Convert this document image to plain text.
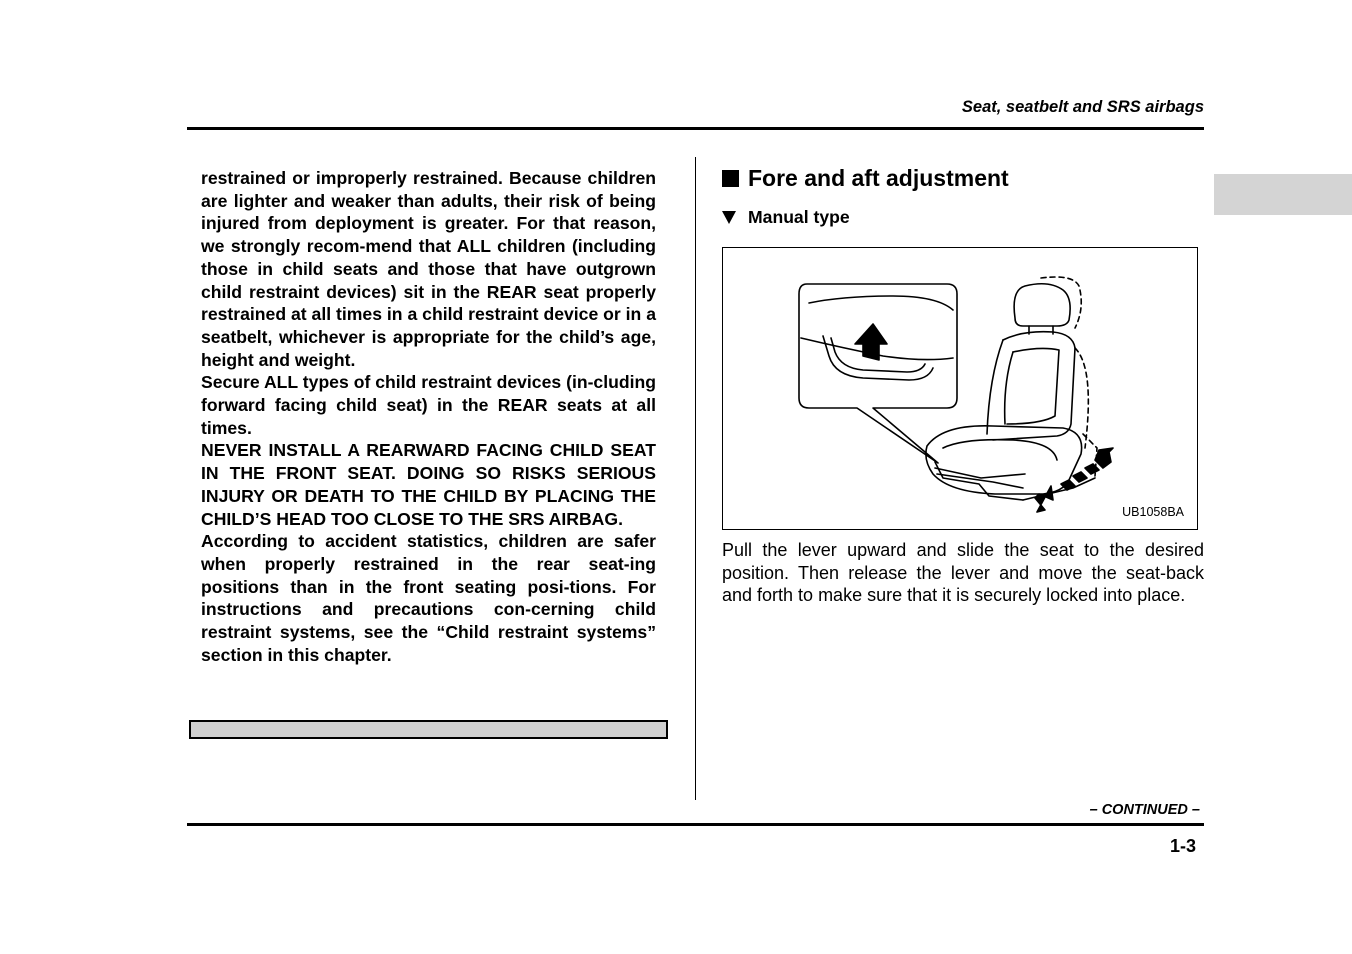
Seat, seatbelt and SRS airbags

restrained or improperly restrained. Because children are lighter and weaker than adults, their risk of being injured from deployment is greater. For that reason, we strongly recom-mend that ALL children (including those in child seats and those that have outgrown child restraint devices) sit in the REAR seat properly restrained at all times in a child restraint device or in a seatbelt, whichever is appropriate for the child’s age, height and weight.

Secure ALL types of child restraint devices (in-cluding forward facing child seat) in the REAR seats at all times.

NEVER INSTALL A REARWARD FACING CHILD SEAT IN THE FRONT SEAT. DOING SO RISKS SERIOUS INJURY OR DEATH TO THE CHILD BY PLACING THE CHILD’S HEAD TOO CLOSE TO THE SRS AIRBAG.

According to accident statistics, children are safer when properly restrained in the rear seat-ing positions than in the front seating posi-tions. For instructions and precautions con-cerning child restraint systems, see the “Child restraint systems” section in this chapter.

Fore and aft adjustment
Manual type
UB1058BA

Pull the lever upward and slide the seat to the desired position. Then release the lever and move the seat-back and forth to make sure that it is securely locked into place.

– CONTINUED –
1-3
